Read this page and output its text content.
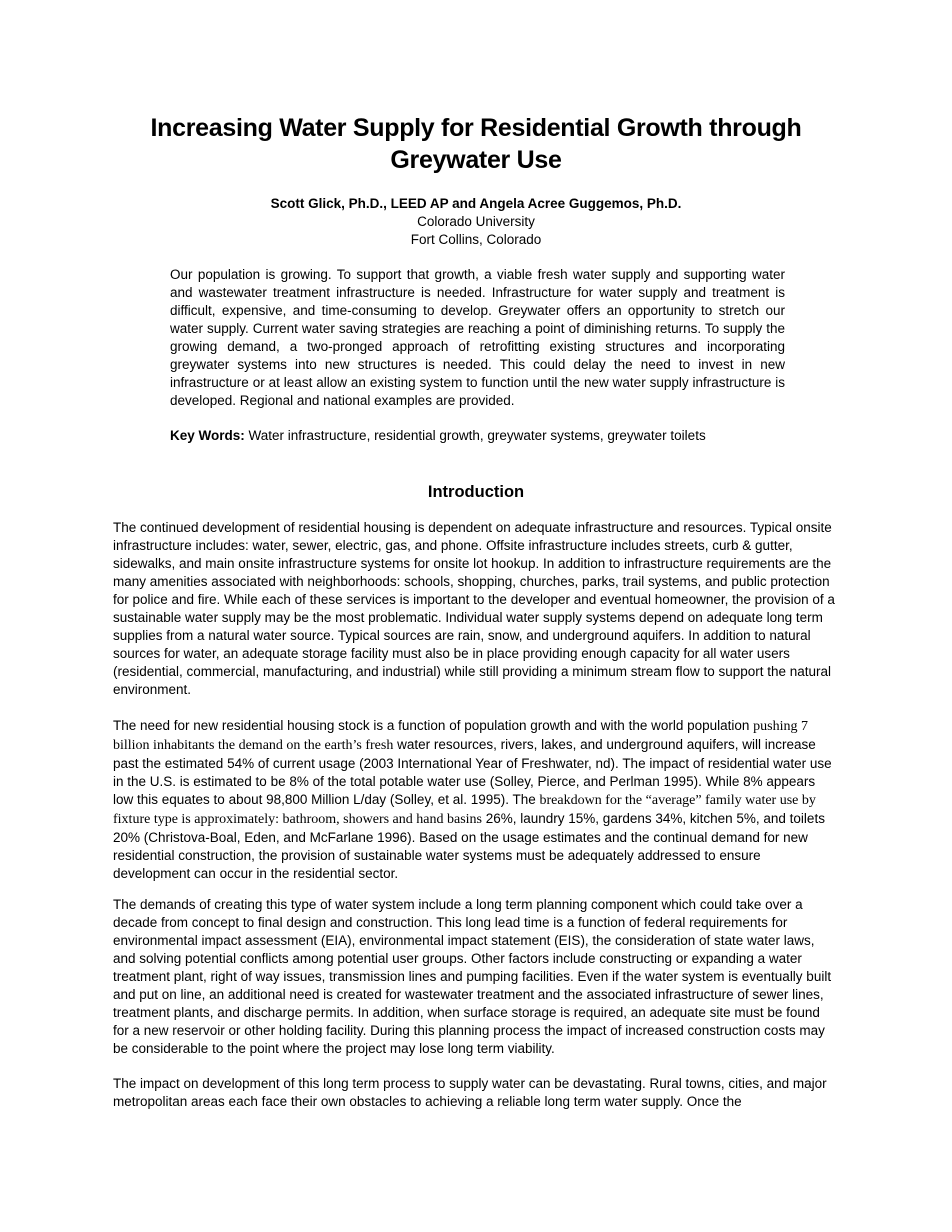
Increasing Water Supply for Residential Growth through Greywater Use
Scott Glick, Ph.D., LEED AP and Angela Acree Guggemos, Ph.D.
Colorado University
Fort Collins, Colorado

Our population is growing. To support that growth, a viable fresh water supply and supporting water and wastewater treatment infrastructure is needed. Infrastructure for water supply and treatment is difficult, expensive, and time-consuming to develop. Greywater offers an opportunity to stretch our water supply. Current water saving strategies are reaching a point of diminishing returns. To supply the growing demand, a two-pronged approach of retrofitting existing structures and incorporating greywater systems into new structures is needed. This could delay the need to invest in new infrastructure or at least allow an existing system to function until the new water supply infrastructure is developed. Regional and national examples are provided.

Key Words: Water infrastructure, residential growth, greywater systems, greywater toilets

Introduction

The continued development of residential housing is dependent on adequate infrastructure and resources. Typical onsite infrastructure includes: water, sewer, electric, gas, and phone. Offsite infrastructure includes streets, curb & gutter, sidewalks, and main onsite infrastructure systems for onsite lot hookup. In addition to infrastructure requirements are the many amenities associated with neighborhoods: schools, shopping, churches, parks, trail systems, and public protection for police and fire. While each of these services is important to the developer and eventual homeowner, the provision of a sustainable water supply may be the most problematic. Individual water supply systems depend on adequate long term supplies from a natural water source. Typical sources are rain, snow, and underground aquifers. In addition to natural sources for water, an adequate storage facility must also be in place providing enough capacity for all water users (residential, commercial, manufacturing, and industrial) while still providing a minimum stream flow to support the natural environment.

The need for new residential housing stock is a function of population growth and with the world population pushing 7 billion inhabitants the demand on the earth’s fresh water resources, rivers, lakes, and underground aquifers, will increase past the estimated 54% of current usage (2003 International Year of Freshwater, nd). The impact of residential water use in the U.S. is estimated to be 8% of the total potable water use (Solley, Pierce, and Perlman 1995). While 8% appears low this equates to about 98,800 Million L/day (Solley, et al. 1995). The breakdown for the “average” family water use by fixture type is approximately: bathroom, showers and hand basins 26%, laundry 15%, gardens 34%, kitchen 5%, and toilets 20% (Christova-Boal, Eden, and McFarlane 1996). Based on the usage estimates and the continual demand for new residential construction, the provision of sustainable water systems must be adequately addressed to ensure development can occur in the residential sector.

The demands of creating this type of water system include a long term planning component which could take over a decade from concept to final design and construction. This long lead time is a function of federal requirements for environmental impact assessment (EIA), environmental impact statement (EIS), the consideration of state water laws, and solving potential conflicts among potential user groups. Other factors include constructing or expanding a water treatment plant, right of way issues, transmission lines and pumping facilities. Even if the water system is eventually built and put on line, an additional need is created for wastewater treatment and the associated infrastructure of sewer lines, treatment plants, and discharge permits. In addition, when surface storage is required, an adequate site must be found for a new reservoir or other holding facility. During this planning process the impact of increased construction costs may be considerable to the point where the project may lose long term viability.

The impact on development of this long term process to supply water can be devastating. Rural towns, cities, and major metropolitan areas each face their own obstacles to achieving a reliable long term water supply. Once the
